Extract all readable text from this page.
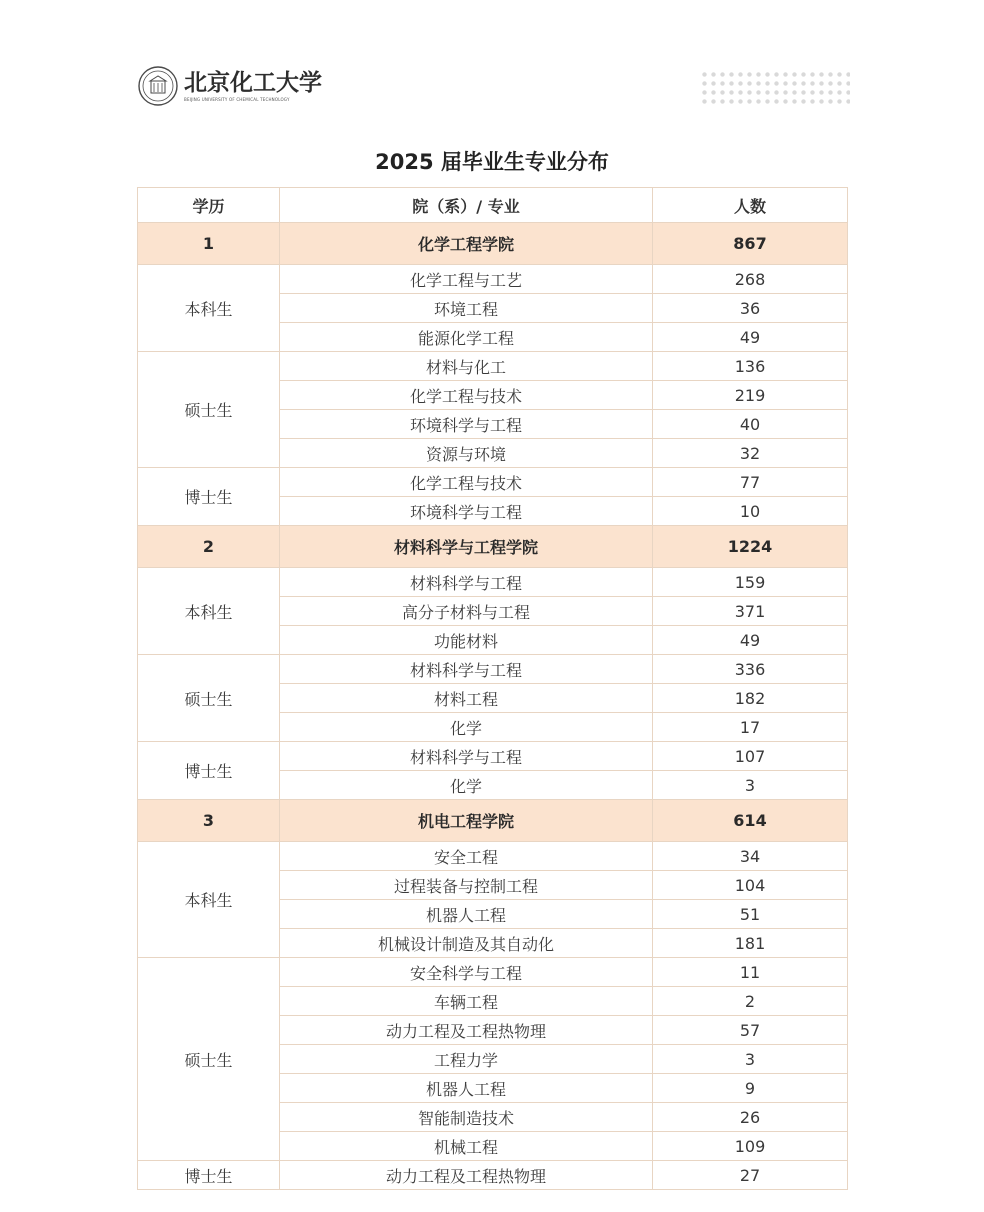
北京化工大学
BEIJING UNIVERSITY OF CHEMICAL TECHNOLOGY
2025 届毕业生专业分布
学历	院（系）/ 专业	人数
1	化学工程学院	867
本科生	化学工程与工艺	268
	环境工程	36
	能源化学工程	49
硕士生	材料与化工	136
	化学工程与技术	219
	环境科学与工程	40
	资源与环境	32
博士生	化学工程与技术	77
	环境科学与工程	10
2	材料科学与工程学院	1224
本科生	材料科学与工程	159
	高分子材料与工程	371
	功能材料	49
硕士生	材料科学与工程	336
	材料工程	182
	化学	17
博士生	材料科学与工程	107
	化学	3
3	机电工程学院	614
本科生	安全工程	34
	过程装备与控制工程	104
	机器人工程	51
	机械设计制造及其自动化	181
硕士生	安全科学与工程	11
	车辆工程	2
	动力工程及工程热物理	57
	工程力学	3
	机器人工程	9
	智能制造技术	26
	机械工程	109
博士生	动力工程及工程热物理	27
